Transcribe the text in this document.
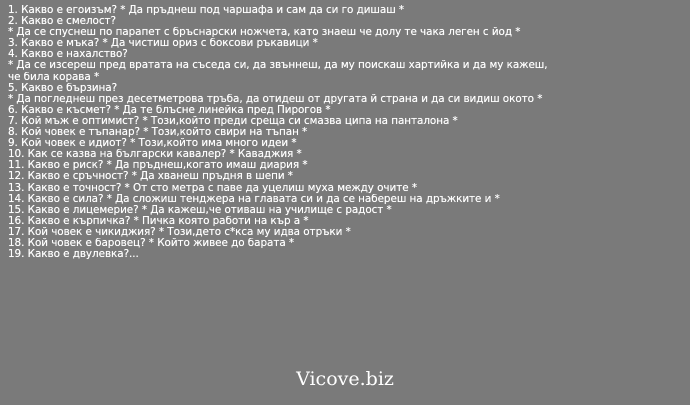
1. Какво е егоизъм? * Да пръднеш под чаршафа и сам да си го дишаш *
2. Какво е смелост?
* Да се спуснеш по парапет с бръснарски ножчета, като знаеш че долу те чака леген с йод *
3. Какво е мъка? * Да чистиш ориз с боксови ръкавици *
4. Какво е нахалство?
* Да се изсереш пред вратата на съседа си, да звъннеш, да му поискаш хартийка и да му кажеш,
че била корава *
5. Какво е бързина?
* Да погледнеш през десетметрова тръба, да отидеш от другата й страна и да си видиш окото *
6. Какво е късмет? * Да те блъсне линейка пред Пирогов *
7. Кой мъж е оптимист? * Този,който преди среща си смазва ципа на панталона *
8. Кой човек е тъпанар? * Този,който свири на тъпан *
9. Кой човек е идиот? * Този,който има много идеи *
10. Как се казва на български кавалер? * Каваджия *
11. Какво е риск? * Да пръднеш,когато имаш диария *
12. Какво е сръчност? * Да хванеш пръдня в шепи *
13. Какво е точност? * От сто метра с паве да уцелиш муха между очите *
14. Какво е сила? * Да сложиш тенджера на главата си и да се набереш на дръжките и *
15. Какво е лицемерие? * Да кажеш,че отиваш на училище с радост *
16. Какво е кърпичка? * Пичка която работи на кър а *
17. Кой човек е чикиджия? * Този,дето с*кса му идва отръки *
18. Кой човек е баровец? * Който живее до барата *
19. Какво е двулевка?...
Vicove.biz
